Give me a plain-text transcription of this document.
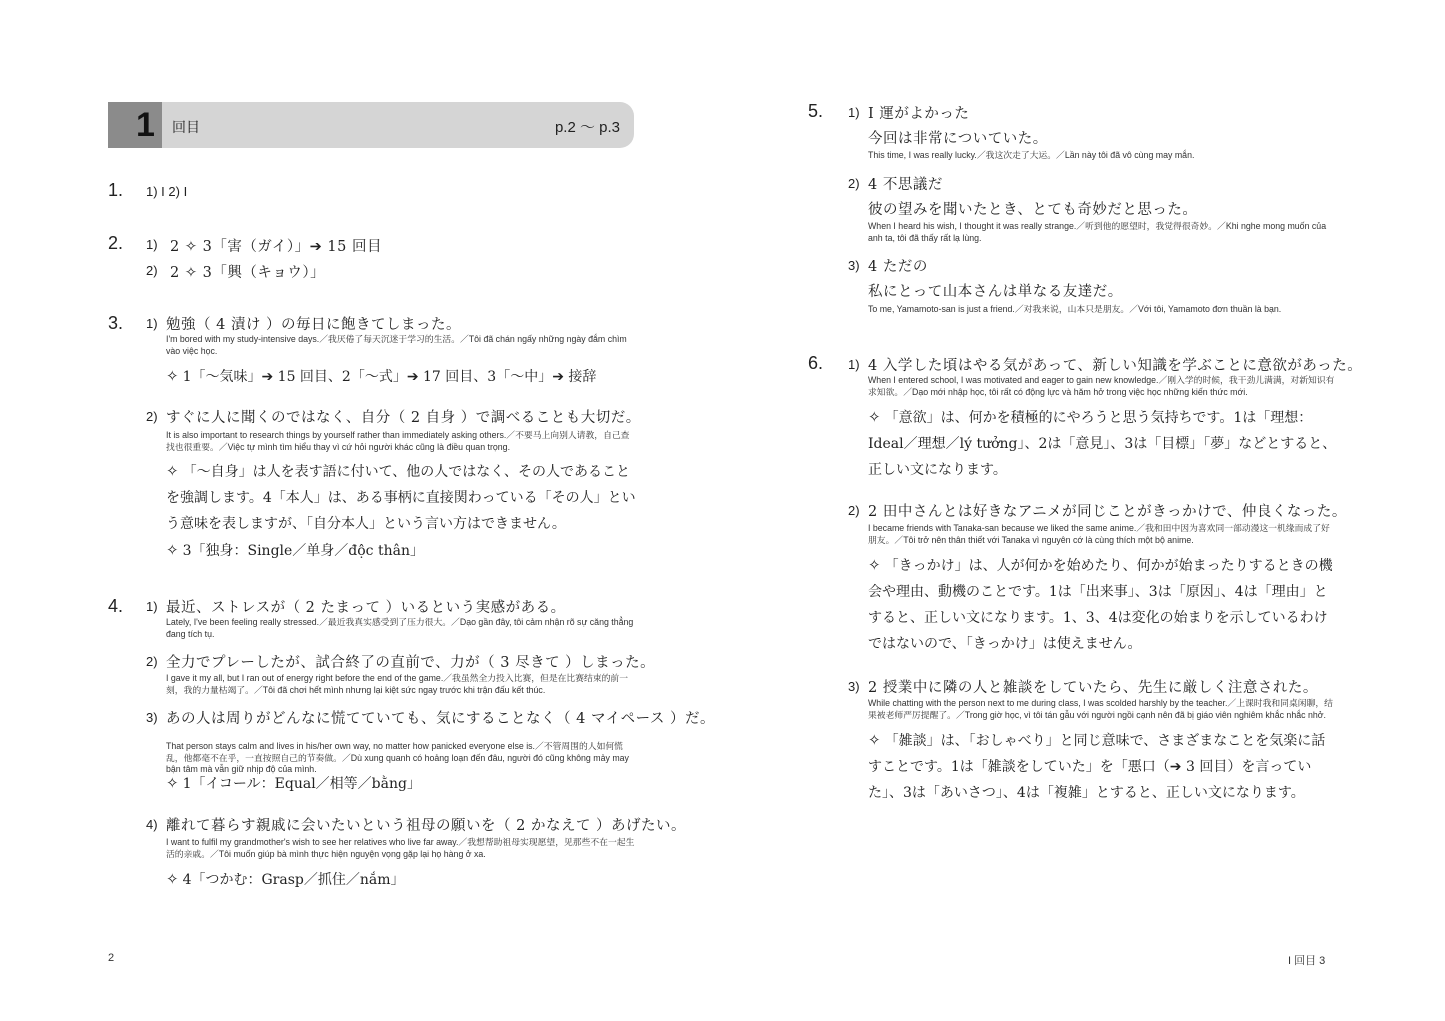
1 回目	p.2 ～ p.3
1. 1) I 2) I
2. 1) 2 ✧ 3「害（ガイ）」➔ 15 回目
2) 2 ✧ 3「興（キョウ）」
3. 1) 勉強（ 4 漬け ）の毎日に飽きてしまった。
I'm bored with my study-intensive days.／我厌倦了每天沉迷于学习的生活。／Tôi đã chán ngấy những ngày đắm chìm vào việc học.
✧ 1「～気味」➔ 15 回目、2「～式」➔ 17 回目、3「～中」➔ 接辞
2) すぐに人に聞くのではなく、自分（ 2 自身 ）で調べることも大切だ。
It is also important to research things by yourself rather than immediately asking others.／不要马上向别人请教，自己查找也很重要。／Việc tự mình tìm hiểu thay vì cứ hỏi người khác cũng là điều quan trọng.
✧ 「～自身」は人を表す語に付いて、他の人ではなく、その人であることを強調します。4「本人」は、ある事柄に直接関わっている「その人」という意味を表しますが、「自分本人」という言い方はできません。
✧ 3「独身：Single／单身／độc thân」
4. 1) 最近、ストレスが（ 2 たまって ）いるという実感がある。
Lately, I've been feeling really stressed.／最近我真实感受到了压力很大。／Dạo gần đây, tôi cảm nhận rõ sự căng thẳng đang tích tụ.
2) 全力でプレーしたが、試合終了の直前で、力が（ 3 尽きて ）しまった。
I gave it my all, but I ran out of energy right before the end of the game.／我虽然全力投入比赛，但是在比赛结束的前一刻，我的力量枯竭了。／Tôi đã chơi hết mình nhưng lại kiệt sức ngay trước khi trận đấu kết thúc.
3) あの人は周りがどんなに慌てていても、気にすることなく（ 4 マイペース ）だ。
That person stays calm and lives in his/her own way, no matter how panicked everyone else is.／不管周围的人如何慌乱，他都毫不在乎，一直按照自己的节奏做。／Dù xung quanh có hoảng loạn đến đâu, người đó cũng không mảy may bận tâm mà vẫn giữ nhịp độ của mình.
✧ 1「イコール：Equal／相等／bằng」
4) 離れて暮らす親戚に会いたいという祖母の願いを（ 2 かなえて ）あげたい。
I want to fulfil my grandmother's wish to see her relatives who live far away.／我想帮助祖母实现愿望，见那些不在一起生活的亲戚。／Tôi muốn giúp bà mình thực hiện nguyện vọng gặp lại họ hàng ở xa.
✧ 4「つかむ：Grasp／抓住／nắm」
2
5. 1) I 運がよかった
今回は非常についていた。
This time, I was really lucky.／我这次走了大运。／Lần này tôi đã vô cùng may mắn.
2) 4 不思議だ
彼の望みを聞いたとき、とても奇妙だと思った。
When I heard his wish, I thought it was really strange.／听到他的愿望时，我觉得很奇妙。／Khi nghe mong muốn của anh ta, tôi đã thấy rất lạ lùng.
3) 4 ただの
私にとって山本さんは単なる友達だ。
To me, Yamamoto-san is just a friend.／对我来说，山本只是朋友。／Với tôi, Yamamoto đơn thuần là bạn.
6. 1) 4 入学した頃はやる気があって、新しい知識を学ぶことに意欲があった。
When I entered school, I was motivated and eager to gain new knowledge.／刚入学的时候，我干劲儿满满，对新知识有求知欲。／Dạo mới nhập học, tôi rất có động lực và hăm hở trong việc học những kiến thức mới.
✧ 「意欲」は、何かを積極的にやろうと思う気持ちです。1は「理想：Ideal／理想／lý tưởng」、2は「意見」、3は「目標」「夢」などとすると、正しい文になります。
2) 2 田中さんとは好きなアニメが同じことがきっかけで、仲良くなった。
I became friends with Tanaka-san because we liked the same anime.／我和田中因为喜欢同一部动漫这一机缘而成了好朋友。／Tôi trở nên thân thiết với Tanaka vì nguyên cớ là cùng thích một bộ anime.
✧ 「きっかけ」は、人が何かを始めたり、何かが始まったりするときの機会や理由、動機のことです。1は「出来事」、3は「原因」、4は「理由」とすると、正しい文になります。1、3、4は変化の始まりを示しているわけではないので、「きっかけ」は使えません。
3) 2 授業中に隣の人と雑談をしていたら、先生に厳しく注意された。
While chatting with the person next to me during class, I was scolded harshly by the teacher.／上课时我和同桌闲聊，结果被老师严厉提醒了。／Trong giờ học, vì tôi tán gẫu với người ngồi cạnh nên đã bị giáo viên nghiêm khắc nhắc nhở.
✧ 「雑談」は、「おしゃべり」と同じ意味で、さまざまなことを気楽に話すことです。1は「雑談をしていた」を「悪口（➔ 3 回目）を言っていた」、3は「あいさつ」、4は「複雑」とすると、正しい文になります。
I 回目 3
